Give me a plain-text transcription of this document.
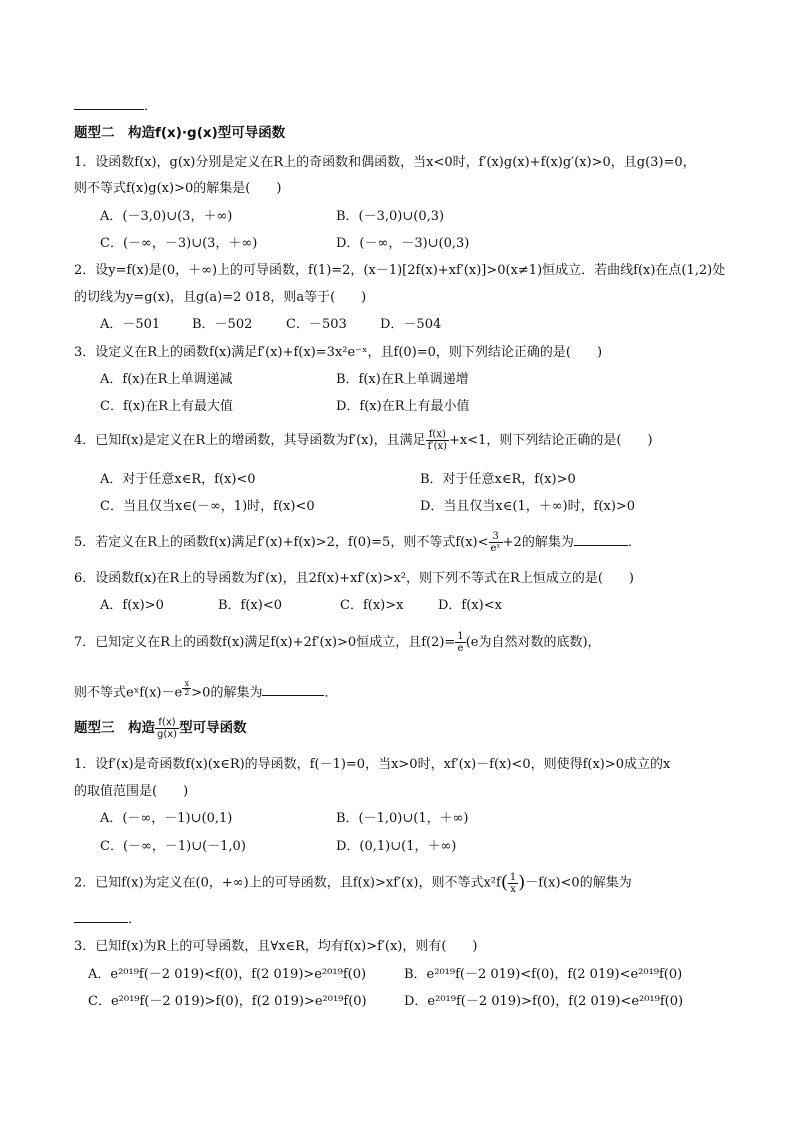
．
题型二　构造f(x)·g(x)型可导函数
1．设函数f(x)，g(x)分别是定义在R上的奇函数和偶函数，当x<0时，f′(x)g(x)+f(x)g′(x)>0，且g(3)=0，
则不等式f(x)g(x)>0的解集是(　　)
A．(－3,0)∪(3，＋∞)	B．(－3,0)∪(0,3)
C．(－∞，－3)∪(3，＋∞)	D．(－∞，－3)∪(0,3)
2．设y=f(x)是(0，＋∞)上的可导函数，f(1)=2，(x－1)[2f(x)+xf′(x)]>0(x≠1)恒成立．若曲线f(x)在点(1,2)处
的切线为y=g(x)，且g(a)=2 018，则a等于(　　)
A．－501 B．－502	C．－503	D．－504
3．设定义在R上的函数f(x)满足f′(x)+f(x)=3x²e⁻ˣ，且f(0)=0，则下列结论正确的是(　　)
A．f(x)在R上单调递减	B．f(x)在R上单调递增
C．f(x)在R上有最大值	D．f(x)在R上有最小值
4．已知f(x)是定义在R上的增函数，其导函数为f′(x)，且满足 $\frac{f(x)}{f'(x)} +x<1$，则下列结论正确的是(　　)
A．对于任意x∈R，f(x)<0	B．对于任意x∈R，f(x)>0
C．当且仅当x∈(－∞，1)时，f(x)<0	D．当且仅当x∈(1，＋∞)时，f(x)>0
5．若定义在R上的函数f(x)满足f′(x)+f(x)>2，f(0)=5，则不等式$f(x)< \frac{3}{\text{eˣ}} +2$的解集为	．
6．设函数f(x)在R上的导函数为f′(x)，且2f(x)+xf′(x)>x²，则下列不等式在R上恒成立的是(　　)
A．f(x)>0	B．f(x)<0	C．f(x)>x	D．f(x)<x
7．已知定义在R上的函数f(x)满足f(x)+2f′(x)>0恒成立，且$f(2)= \frac{1}{e} (e$为自然对数的底数)，
则不等式eˣf(x)－e $^{\frac{x}{2}}$ >0的解集为	．
题型三　构造 $\frac{f(x)}{g(x)}$ 型可导函数
1．设f′(x)是奇函数f(x)(x∈R)的导函数，f(－1)=0，当x>0时，xf′(x)－f(x)<0，则使得f(x)>0成立的x
的取值范围是(　　)
A．(－∞，－1)∪(0,1)	B．(－1,0)∪(1，＋∞)
C．(－∞，－1)∪(－1,0)	D．(0,1)∪(1，＋∞)
2．已知f(x)为定义在(0，+∞)上的可导函数，且f(x)>xf′(x)，则不等式$x^2f( \frac{1}{x} )-f(x)<0$的解集为
．
3．已知f(x)为R上的可导函数，且∀x∈R，均有f(x)>f′(x)，则有(　　)
A．e²⁰¹⁹f(－2 019)<f(0)，f(2 019)>e²⁰¹⁹f(0)	B．e²⁰¹⁹f(－2 019)<f(0)，f(2 019)<e²⁰¹⁹f(0)
C．e²⁰¹⁹f(－2 019)>f(0)，f(2 019)>e²⁰¹⁹f(0)	D．e²⁰¹⁹f(－2 019)>f(0)，f(2 019)<e²⁰¹⁹f(0)
